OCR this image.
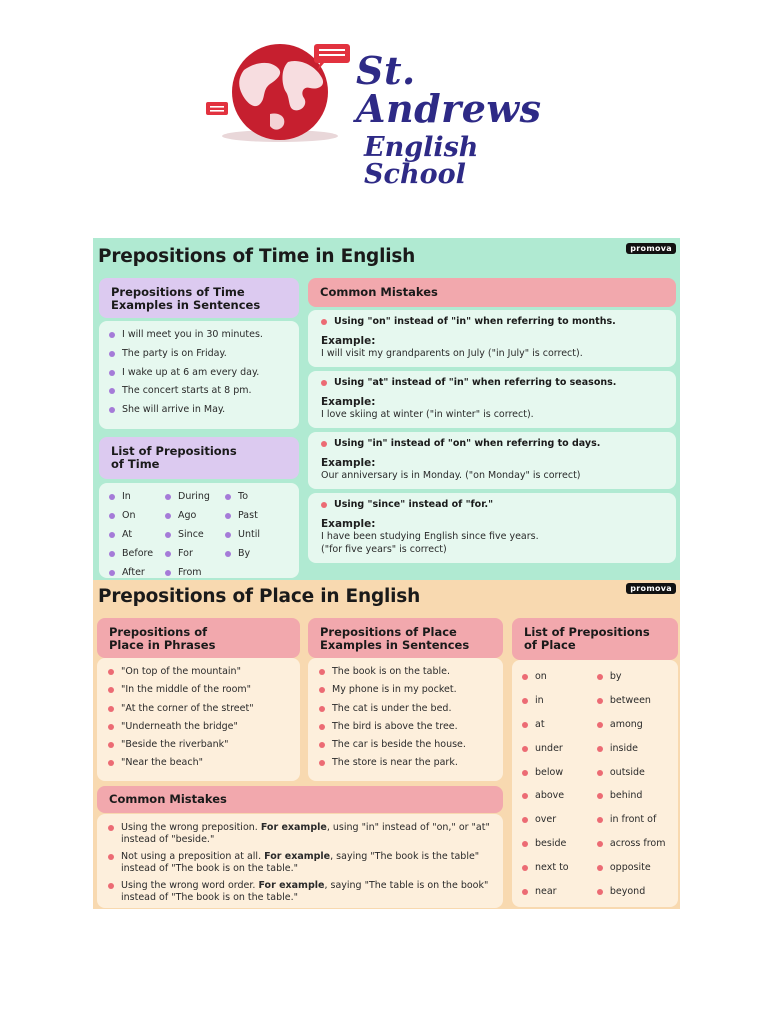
St. Andrews
English School
Prepositions of Time in English	promova
Prepositions of Time Examples in Sentences
I will meet you in 30 minutes.
The party is on Friday.
I wake up at 6 am every day.
The concert starts at 8 pm.
She will arrive in May.
List of Prepositions of Time
In
On
At
Before
After
During
Ago
Since
For
From
To
Past
Until
By
Common Mistakes
Using "on" instead of "in" when referring to months.
Example:
I will visit my grandparents on July ("in July" is correct).
Using "at" instead of "in" when referring to seasons.
Example:
I love skiing at winter ("in winter" is correct).
Using "in" instead of "on" when referring to days.
Example:
Our anniversary is in Monday. ("on Monday" is correct)
Using "since" instead of "for."
Example:
I have been studying English since five years.
("for five years" is correct)
Prepositions of Place in English	promova
Prepositions of Place in Phrases
"On top of the mountain"
"In the middle of the room"
"At the corner of the street"
"Underneath the bridge"
"Beside the riverbank"
"Near the beach"
Prepositions of Place Examples in Sentences
The book is on the table.
My phone is in my pocket.
The cat is under the bed.
The bird is above the tree.
The car is beside the house.
The store is near the park.
List of Prepositions of Place
on
in
at
under
below
above
over
beside
next to
near
by
between
among
inside
outside
behind
in front of
across from
opposite
beyond
Common Mistakes
Using the wrong preposition. For example, using "in" instead of "on," or "at" instead of "beside."
Not using a preposition at all. For example, saying "The book is the table" instead of "The book is on the table."
Using the wrong word order. For example, saying "The table is on the book" instead of "The book is on the table."
